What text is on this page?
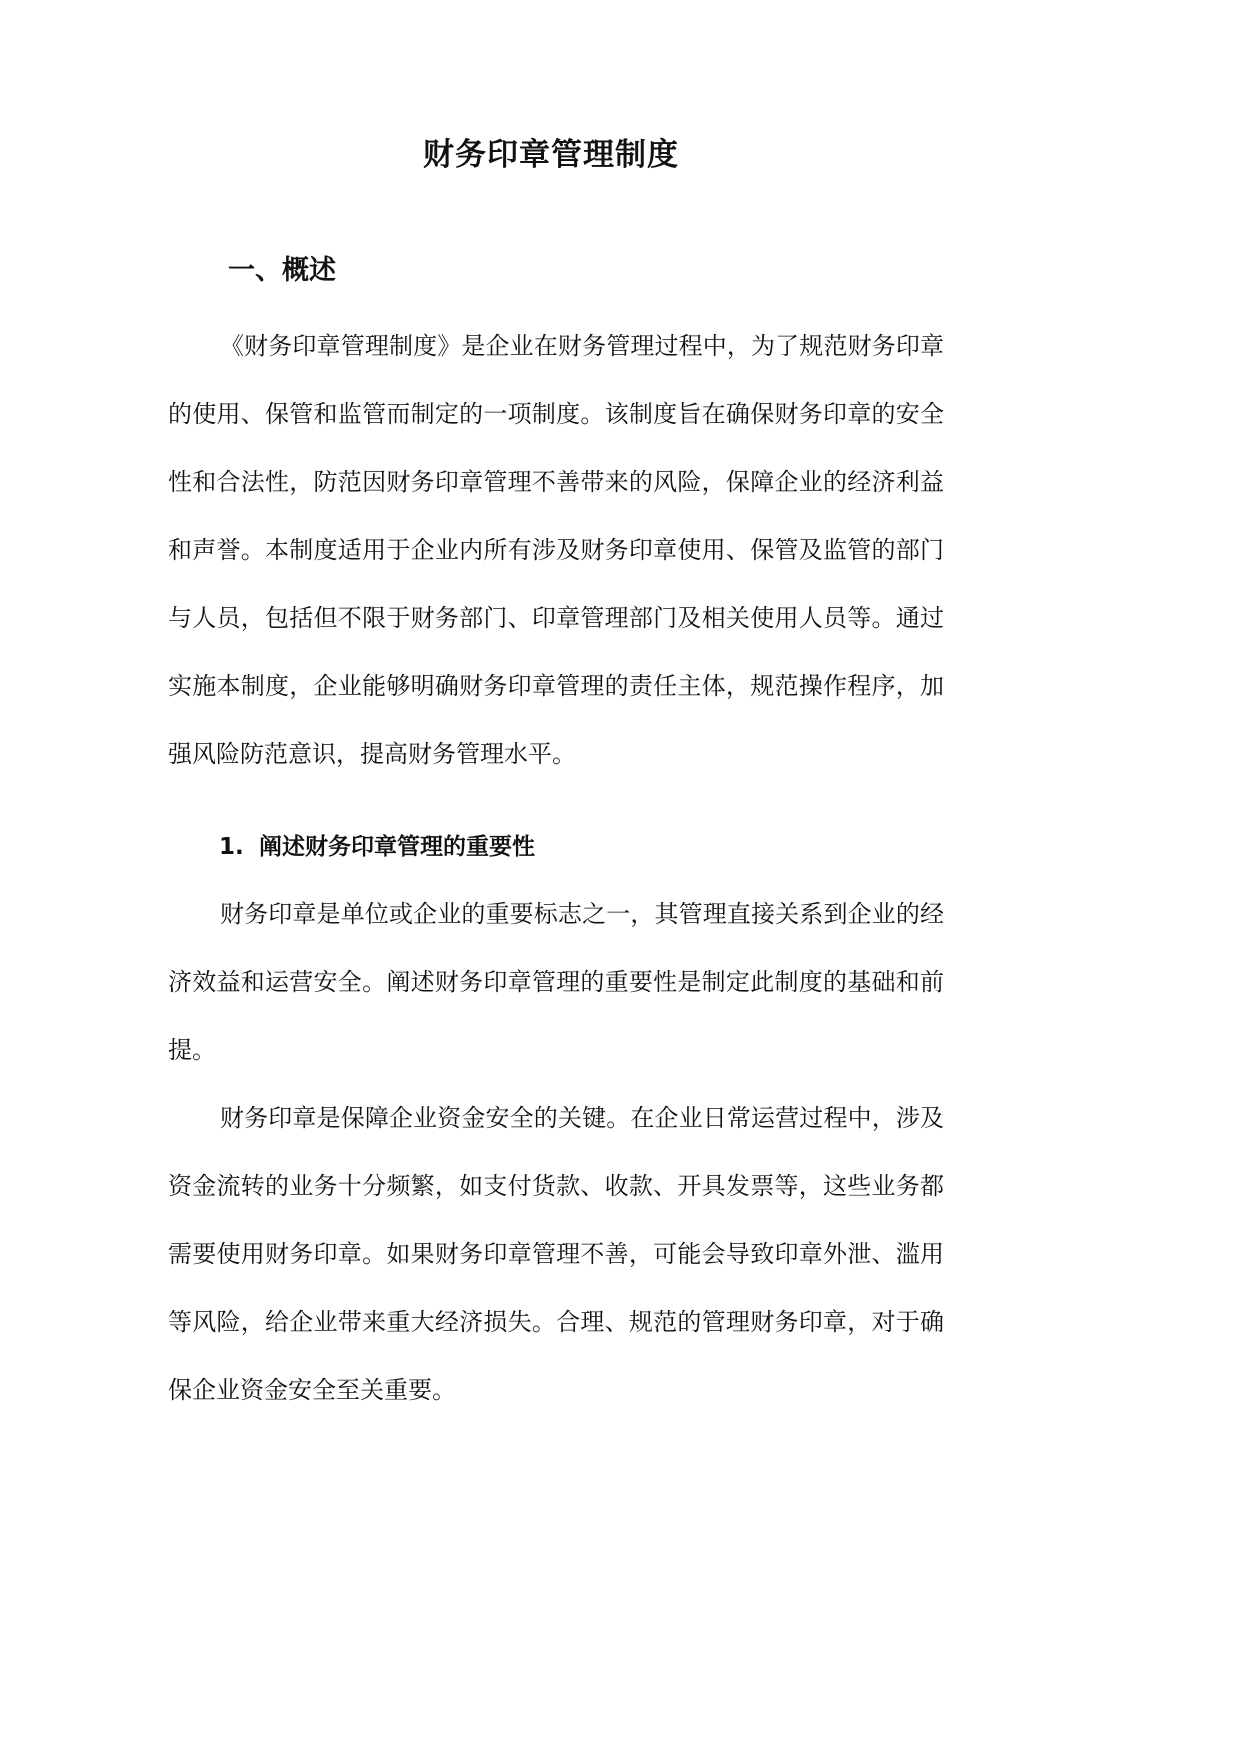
财务印章管理制度
一、概述

《财务印章管理制度》是企业在财务管理过程中，为了规范财务印章的使用、保管和监管而制定的一项制度。该制度旨在确保财务印章的安全性和合法性，防范因财务印章管理不善带来的风险，保障企业的经济利益和声誉。本制度适用于企业内所有涉及财务印章使用、保管及监管的部门与人员，包括但不限于财务部门、印章管理部门及相关使用人员等。通过实施本制度，企业能够明确财务印章管理的责任主体，规范操作程序，加强风险防范意识，提高财务管理水平。

1. 阐述财务印章管理的重要性

财务印章是单位或企业的重要标志之一，其管理直接关系到企业的经济效益和运营安全。阐述财务印章管理的重要性是制定此制度的基础和前提。

财务印章是保障企业资金安全的关键。在企业日常运营过程中，涉及资金流转的业务十分频繁，如支付货款、收款、开具发票等，这些业务都需要使用财务印章。如果财务印章管理不善，可能会导致印章外泄、滥用等风险，给企业带来重大经济损失。合理、规范的管理财务印章，对于确保企业资金安全至关重要。
